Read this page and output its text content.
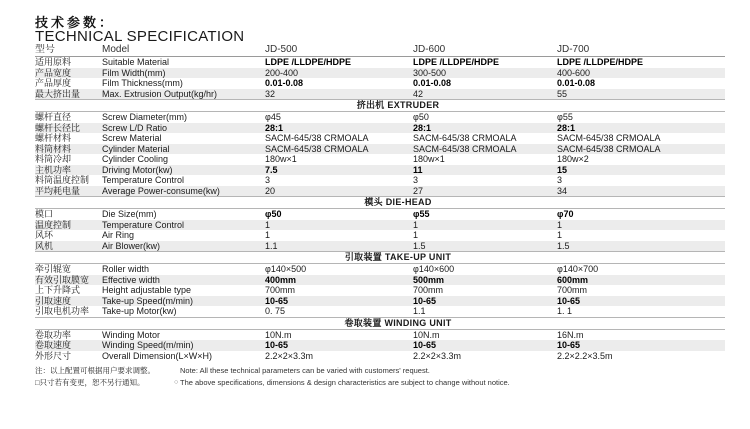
技术参数：
TECHNICAL SPECIFICATION
型号	Model	JD-500	JD-600	JD-700
适用原料	Suitable Material	LDPE /LLDPE/HDPE	LDPE /LLDPE/HDPE	LDPE /LLDPE/HDPE
产品宽度	Film Width(mm)	200-400	300-500	400-600
产品厚度	Film Thickness(mm)	0.01-0.08	0.01-0.08	0.01-0.08
最大挤出量	Max. Extrusion Output(kg/hr)	32	42	55
挤出机 EXTRUDER
螺杆直径	Screw Diameter(mm)	φ45	φ50	φ55
螺杆长径比	Screw L/D Ratio	28:1	28:1	28:1
螺杆材料	Screw Material	SACM-645/38 CRMOALA	SACM-645/38 CRMOALA	SACM-645/38 CRMOALA
料筒材料	Cylinder Material	SACM-645/38 CRMOALA	SACM-645/38 CRMOALA	SACM-645/38 CRMOALA
料筒冷却	Cylinder Cooling	180w×1	180w×1	180w×2
主机功率	Driving Motor(kw)	7.5	11	15
料筒温度控制	Temperature Control	3	3	3
平均耗电量	Average Power-consume(kw)	20	27	34
模头 DIE-HEAD
模口	Die Size(mm)	φ50	φ55	φ70
温度控制	Temperature Control	1	1	1
风环	Air Ring	1	1	1
风机	Air Blower(kw)	1.1	1.5	1.5
引取装置 TAKE-UP UNIT
牵引辊宽	Roller width	φ140×500	φ140×600	φ140×700
有效引取膜宽	Effective width	400mm	500mm	600mm
上下升降式	Height adjustable type	700mm	700mm	700mm
引取速度	Take-up Speed(m/min)	10-65	10-65	10-65
引取电机功率	Take-up Motor(kw)	0. 75	1.1	1. 1
卷取装置 WINDING UNIT
卷取功率	Winding Motor	10N.m	10N.m	16N.m
卷取速度	Winding Speed(m/min)	10-65	10-65	10-65
外形尺寸	Overall Dimension(L×W×H)	2.2×2×3.3m	2.2×2×3.3m	2.2×2.2×3.5m
注：以上配置可根据用户要求调整。	Note: All these technical parameters can be varied with customers' request.
□只寸若有变更，恕不另行通知。	○ The above specifications, dimensions & design characteristics are subject to change without notice.
